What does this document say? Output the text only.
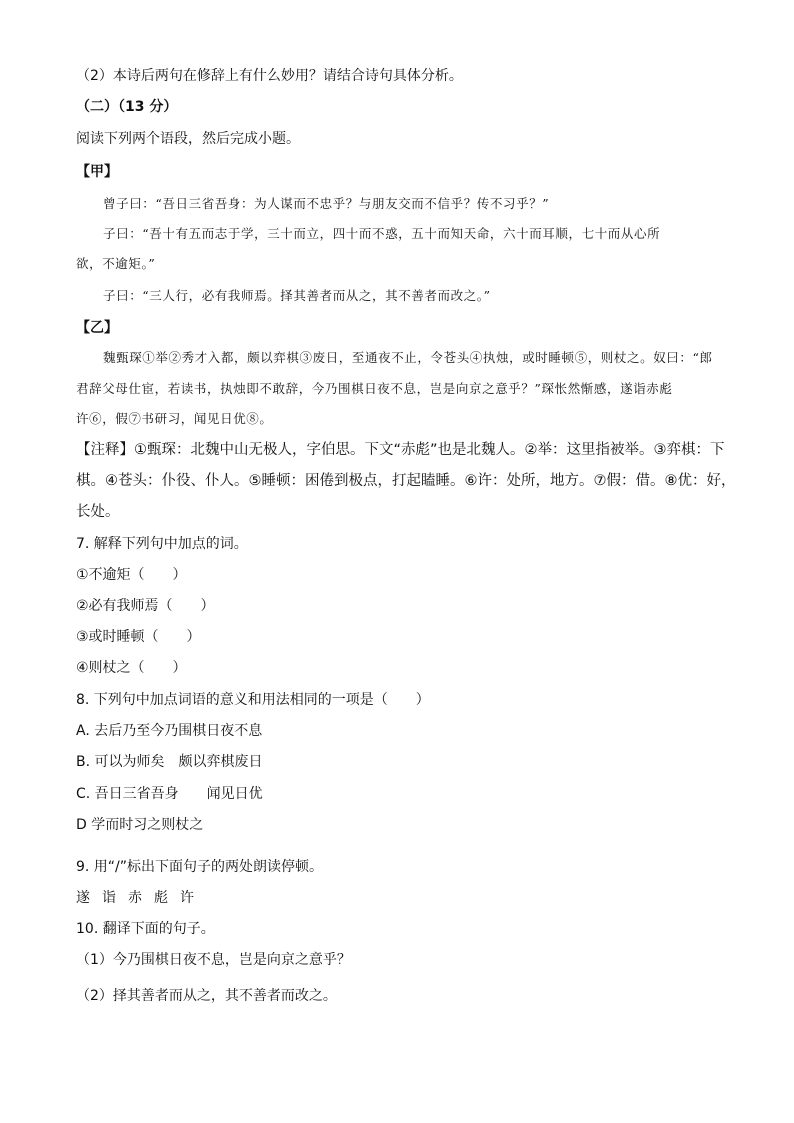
（2）本诗后两句在修辞上有什么妙用？请结合诗句具体分析。
（二）（13 分）
阅读下列两个语段，然后完成小题。
【甲】
曾子曰：“吾日三省吾身：为人谋而不忠乎？与朋友交而不信乎？传不习乎？”
子曰：“吾十有五而志于学，三十而立，四十而不惑，五十而知天命，六十而耳顺，七十而从心所
欲，不逾矩。”
子曰：“三人行，必有我师焉。择其善者而从之，其不善者而改之。”
【乙】
魏甄琛①举②秀才入都，颇以弈棋③废日，至通夜不止，令苍头④执烛，或时睡顿⑤，则杖之。奴曰：“郎
君辞父母仕宦，若读书，执烛即不敢辞，今乃围棋日夜不息，岂是向京之意乎？”琛怅然惭感，遂诣赤彪
许⑥，假⑦书研习，闻见日优⑧。
【注释】①甄琛：北魏中山无极人，字伯思。下文“赤彪”也是北魏人。②举：这里指被举。③弈棋：下
棋。④苍头：仆役、仆人。⑤睡顿：困倦到极点，打起瞌睡。⑥许：处所，地方。⑦假：借。⑧优：好，
长处。
7. 解释下列句中加点的词。
①不逾矩（　　）
②必有我师焉（　　）
③或时睡顿（　　）
④则杖之（　　）
8. 下列句中加点词语的意义和用法相同的一项是（　　）
A. 去后乃至今乃围棋日夜不息
B. 可以为师矣　颇以弈棋废日
C. 吾日三省吾身　　闻见日优
D 学而时习之则杖之
9. 用“/”标出下面句子的两处朗读停顿。
遂诣赤彪许
10. 翻译下面的句子。
（1）今乃围棋日夜不息，岂是向京之意乎？
（2）择其善者而从之，其不善者而改之。
